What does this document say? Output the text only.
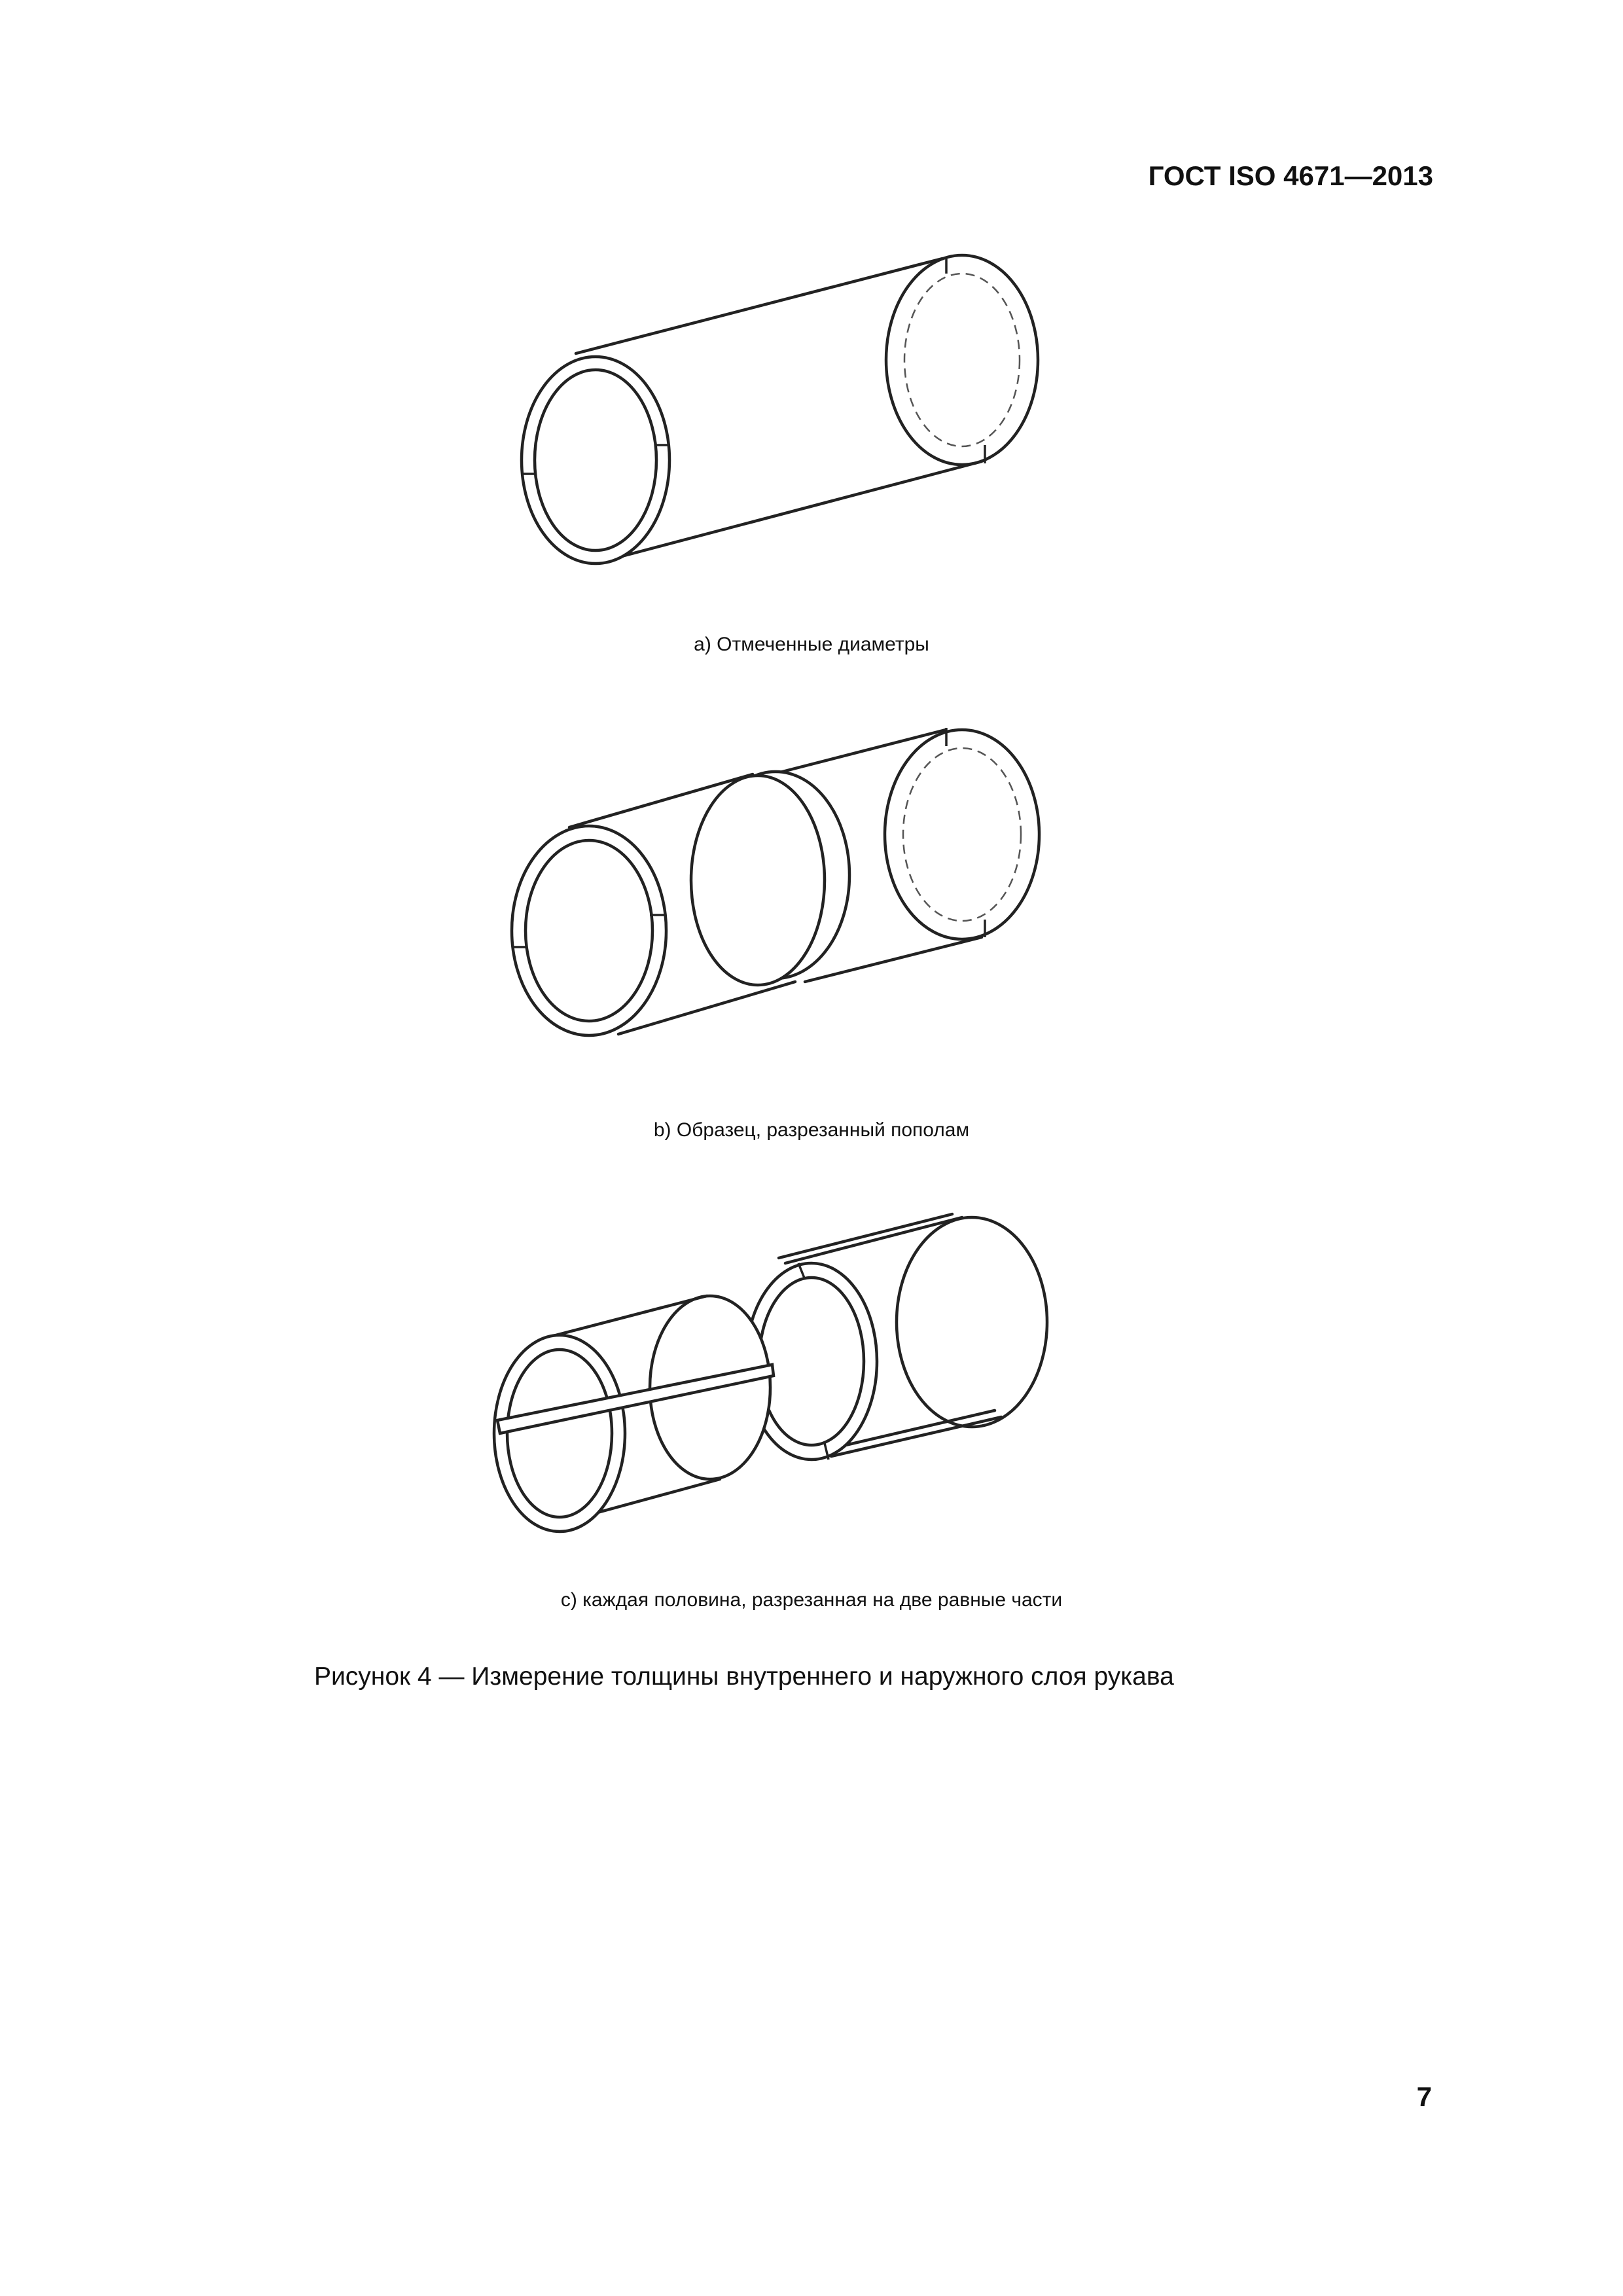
ГОСТ ISO 4671—2013
a) Отмеченные диаметры
b) Образец, разрезанный пополам
c) каждая половина, разрезанная на две равные части
Рисунок 4 — Измерение толщины внутреннего и наружного слоя рукава
7
